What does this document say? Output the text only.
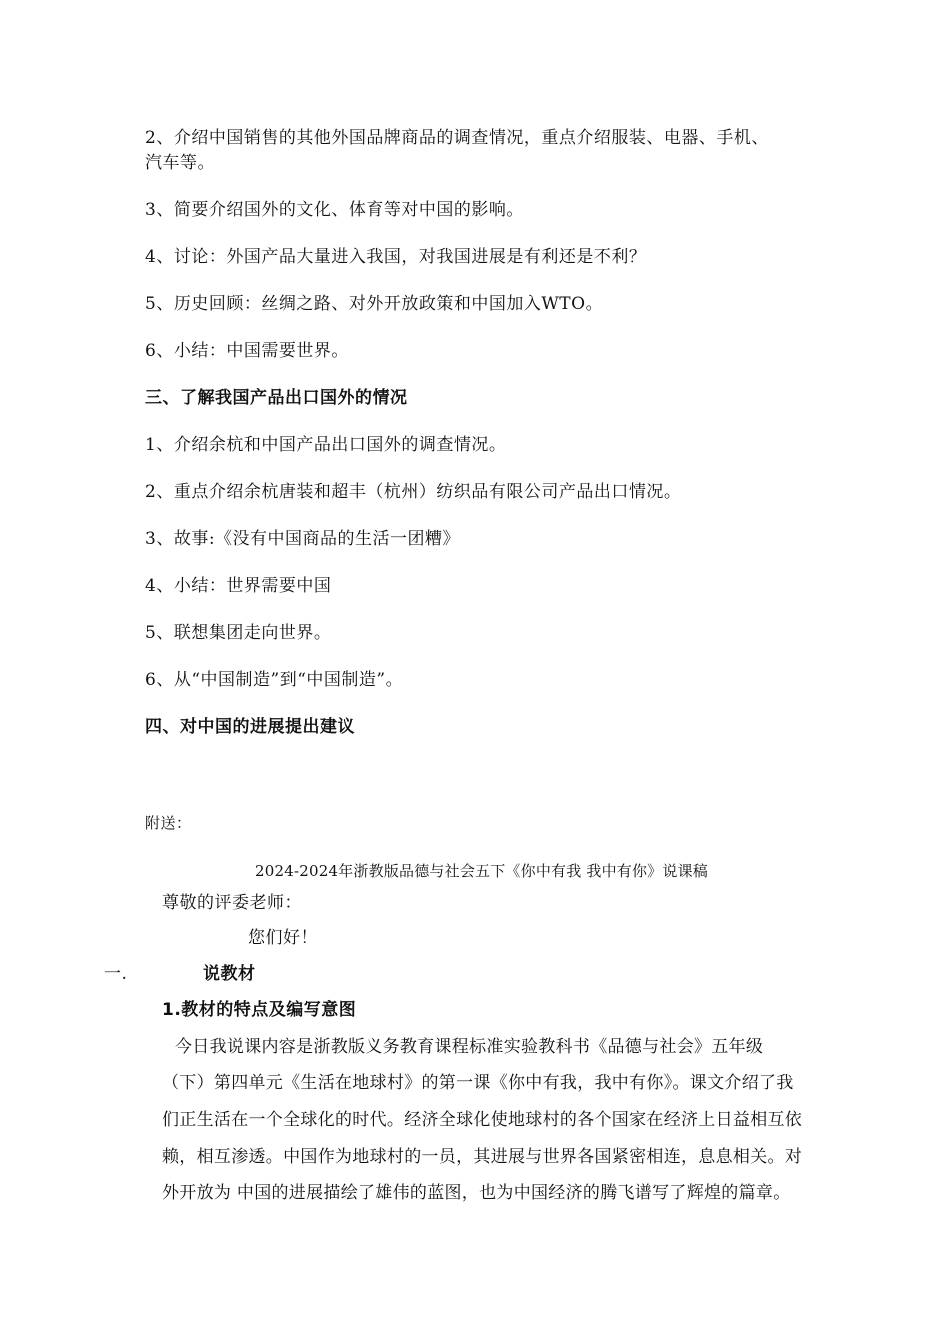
2、介绍中国销售的其他外国品牌商品的调查情况，重点介绍服装、电器、手机、
汽车等。
3、简要介绍国外的文化、体育等对中国的影响。
4、讨论：外国产品大量进入我国，对我国进展是有利还是不利？
5、历史回顾：丝绸之路、对外开放政策和中国加入WTO。
6、小结：中国需要世界。
三、了解我国产品出口国外的情况
1、介绍余杭和中国产品出口国外的调查情况。
2、重点介绍余杭唐装和超丰（杭州）纺织品有限公司产品出口情况。
3、故事:《没有中国商品的生活一团糟》
4、小结：世界需要中国
5、联想集团走向世界。
6、从“中国制造”到“中国制造”。
四、对中国的进展提出建议
附送：
2024-2024年浙教版品德与社会五下《你中有我 我中有你》说课稿
尊敬的评委老师：
您们好！
一.	说教材
1.教材的特点及编写意图
今日我说课内容是浙教版义务教育课程标准实验教科书《品德与社会》五年级
（下）第四单元《生活在地球村》的第一课《你中有我，我中有你》。课文介绍了我
们正生活在一个全球化的时代。经济全球化使地球村的各个国家在经济上日益相互依
赖，相互渗透。中国作为地球村的一员，其进展与世界各国紧密相连，息息相关。对
外开放为 中国的进展描绘了雄伟的蓝图，也为中国经济的腾飞谱写了辉煌的篇章。
